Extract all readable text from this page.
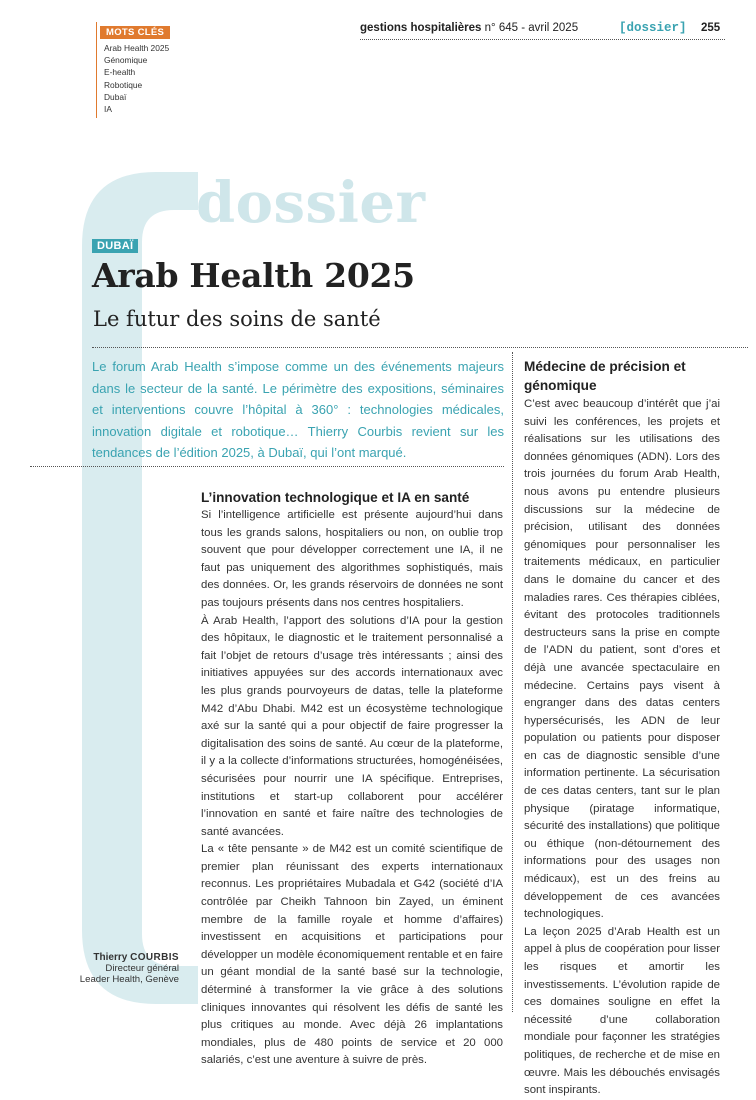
MOTS CLÉS
Arab Health 2025
Génomique
E-health
Robotique
Dubaï
IA
gestions hospitalières n° 645 - avril 2025	[dossier] 255
dossier
DUBAÏ
Arab Health 2025
Le futur des soins de santé

Le forum Arab Health s’impose comme un des événements majeurs dans le secteur de la santé. Le périmètre des expositions, séminaires et interventions couvre l’hôpital à 360° : technologies médicales, innovation digitale et robotique… Thierry Courbis revient sur les tendances de l’édition 2025, à Dubaï, qui l’ont marqué.

L’innovation technologique et IA en santé

Si l’intelligence artificielle est présente aujourd’hui dans tous les grands salons, hospitaliers ou non, on oublie trop souvent que pour développer correctement une IA, il ne faut pas uniquement des algorithmes sophistiqués, mais des données. Or, les grands réservoirs de données ne sont pas toujours présents dans nos centres hospitaliers.

À Arab Health, l’apport des solutions d’IA pour la gestion des hôpitaux, le diagnostic et le traitement personnalisé a fait l’objet de retours d’usage très intéressants ; ainsi des initiatives appuyées sur des accords internationaux avec les plus grands pourvoyeurs de datas, telle la plateforme M42 d’Abu Dhabi. M42 est un écosystème technologique axé sur la santé qui a pour objectif de faire progresser la digitalisation des soins de santé. Au cœur de la plateforme, il y a la collecte d’informations structurées, homogénéisées, sécurisées pour nourrir une IA spécifique. Entreprises, institutions et start-up collaborent pour accélérer l’innovation en santé et faire naître des technologies de santé avancées.

La « tête pensante » de M42 est un comité scientifique de premier plan réunissant des experts internationaux reconnus. Les propriétaires Mubadala et G42 (société d’IA contrôlée par Cheikh Tahnoon bin Zayed, un éminent membre de la famille royale et homme d’affaires) investissent en acquisitions et participations pour développer un modèle économiquement rentable et en faire un géant mondial de la santé basé sur la technologie, déterminé à transformer la vie grâce à des solutions cliniques innovantes qui résolvent les défis de santé les plus critiques au monde. Avec déjà 26 implantations mondiales, plus de 480 points de service et 20 000 salariés, c’est une aventure à suivre de près.

Médecine de précision et génomique

C’est avec beaucoup d’intérêt que j’ai suivi les conférences, les projets et réalisations sur les utilisations des données génomiques (ADN). Lors des trois journées du forum Arab Health, nous avons pu entendre plusieurs discussions sur la médecine de précision, utilisant des données génomiques pour personnaliser les traitements médicaux, en particulier dans le domaine du cancer et des maladies rares. Ces thérapies ciblées, évitant des protocoles traditionnels destructeurs sans la prise en compte de l’ADN du patient, sont d’ores et déjà une avancée spectaculaire en médecine. Certains pays visent à engranger dans des datas centers hypersécurisés, les ADN de leur population ou patients pour disposer en cas de diagnostic sensible d’une information pertinente. La sécurisation de ces datas centers, tant sur le plan physique (piratage informatique, sécurité des installations) que politique ou éthique (non-détournement des informations pour des usages non médicaux), est un des freins au développement de ces avancées technologiques.

La leçon 2025 d’Arab Health est un appel à plus de coopération pour lisser les risques et amortir les investissements. L’évolution rapide de ces domaines souligne en effet la nécessité d’une collaboration mondiale pour façonner les stratégies politiques, de recherche et de mise en œuvre. Mais les débouchés envisagés sont inspirants.

Thierry COURBIS
Directeur général
Leader Health, Genève
